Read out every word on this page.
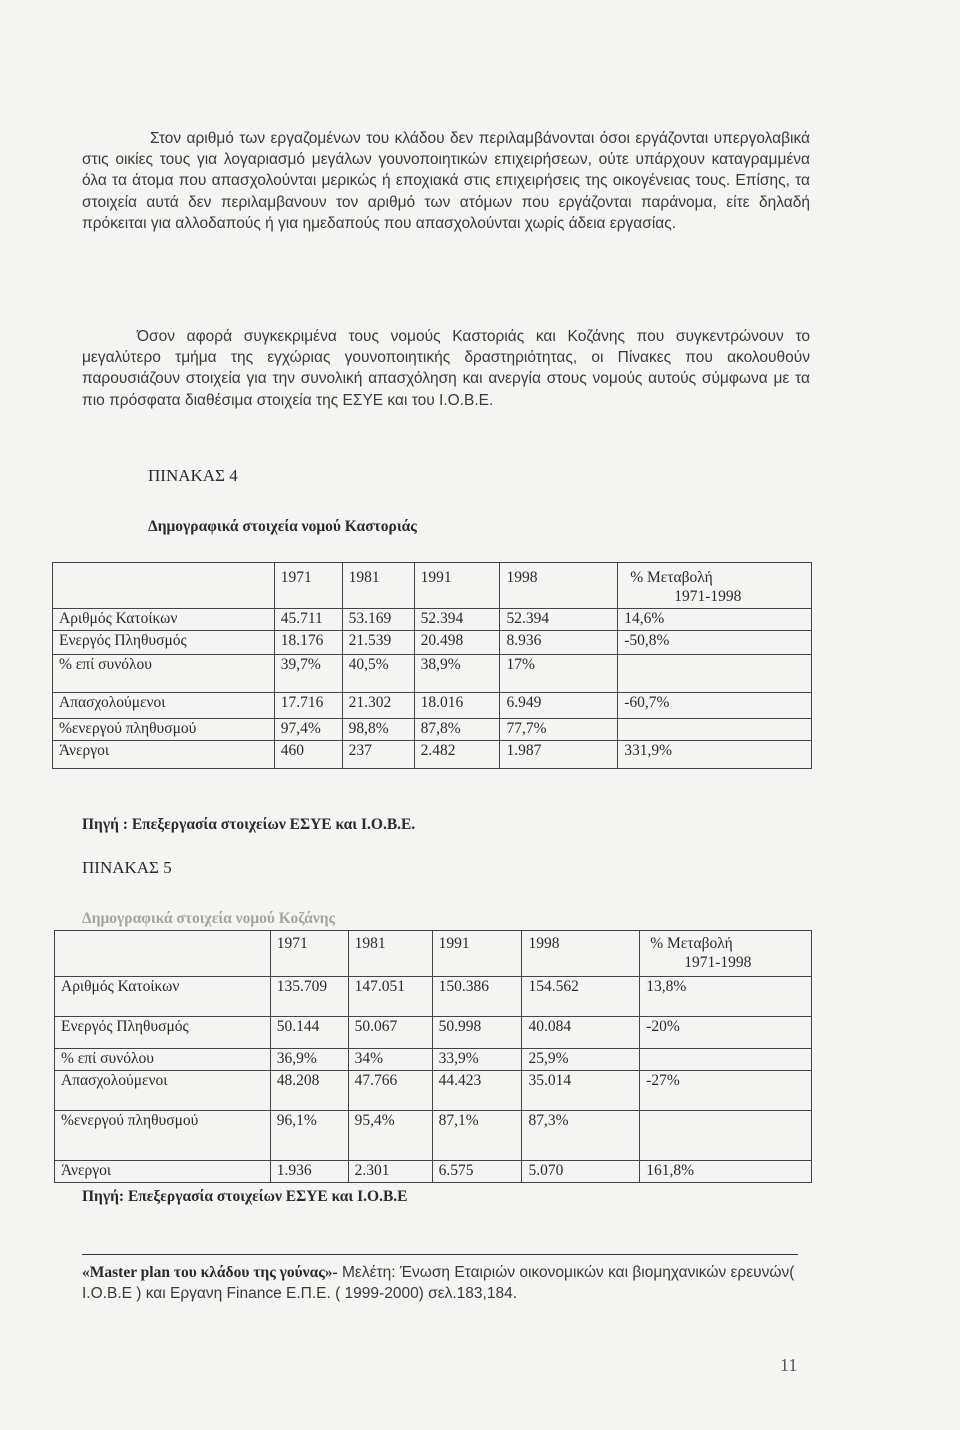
Στον αριθμό των εργαζομένων του κλάδου δεν περιλαμβάνονται όσοι εργάζονται υπεργολαβικά στις οικίες τους για λογαριασμό μεγάλων γουνοποιητικών επιχειρήσεων, ούτε υπάρχουν καταγραμμένα όλα τα άτομα που απασχολούνται μερικώς ή εποχιακά στις επιχειρήσεις της οικογένειας τους. Επίσης, τα στοιχεία αυτά δεν περιλαμβανουν τον αριθμό των ατόμων που εργάζονται παράνομα, είτε δηλαδή πρόκειται για αλλοδαπούς ή για ημεδαπούς που απασχολούνται χωρίς άδεια εργασίας.

Όσον αφορά συγκεκριμένα τους νομούς Καστοριάς και Κοζάνης που συγκεντρώνουν το μεγαλύτερο τμήμα της εγχώριας γουνοποιητικής δραστηριότητας, οι Πίνακες που ακολουθούν παρουσιάζουν στοιχεία για την συνολική απασχόληση και ανεργία στους νομούς αυτούς σύμφωνα με τα πιο πρόσφατα διαθέσιμα στοιχεία της ΕΣΥΕ και του Ι.Ο.Β.Ε.

ΠΙΝΑΚΑΣ 4
Δημογραφικά στοιχεία νομού Καστοριάς
	1971	1981	1991	1998	% Μεταβολή
1971-1998

Αριθμός Κατοίκων	45.711	53.169	52.394	52.394	14,6%
Ενεργός Πληθυσμός	18.176	21.539	20.498	8.936	-50,8%
% επί συνόλου	39,7%	40,5%	38,9%	17%	
Απασχολούμενοι	17.716	21.302	18.016	6.949	-60,7%
%ενεργού πληθυσμού	97,4%	98,8%	87,8%	77,7%	
Άνεργοι	460	237	2.482	1.987	331,9%
Πηγή : Επεξεργασία στοιχείων ΕΣΥΕ και Ι.Ο.Β.Ε.
ΠΙΝΑΚΑΣ 5
Δημογραφικά στοιχεία νομού Κοζάνης
	1971	1981	1991	1998	% Μεταβολή
1971-1998

Αριθμός Κατοίκων	135.709	147.051	150.386	154.562	13,8%
Ενεργός Πληθυσμός	50.144	50.067	50.998	40.084	-20%
% επί συνόλου	36,9%	34%	33,9%	25,9%	
Απασχολούμενοι	48.208	47.766	44.423	35.014	-27%
%ενεργού πληθυσμού	96,1%	95,4%	87,1%	87,3%	
Άνεργοι	1.936	2.301	6.575	5.070	161,8%
Πηγή: Επεξεργασία στοιχείων ΕΣΥΕ και Ι.Ο.Β.Ε

«Master plan του κλάδου της γούνας»- Μελέτη: Ένωση Εταιριών οικονομικών και βιομηχανικών ερευνών( Ι.Ο.Β.Ε ) και Εργανη Finance Ε.Π.Ε. ( 1999-2000) σελ.183,184.

11
